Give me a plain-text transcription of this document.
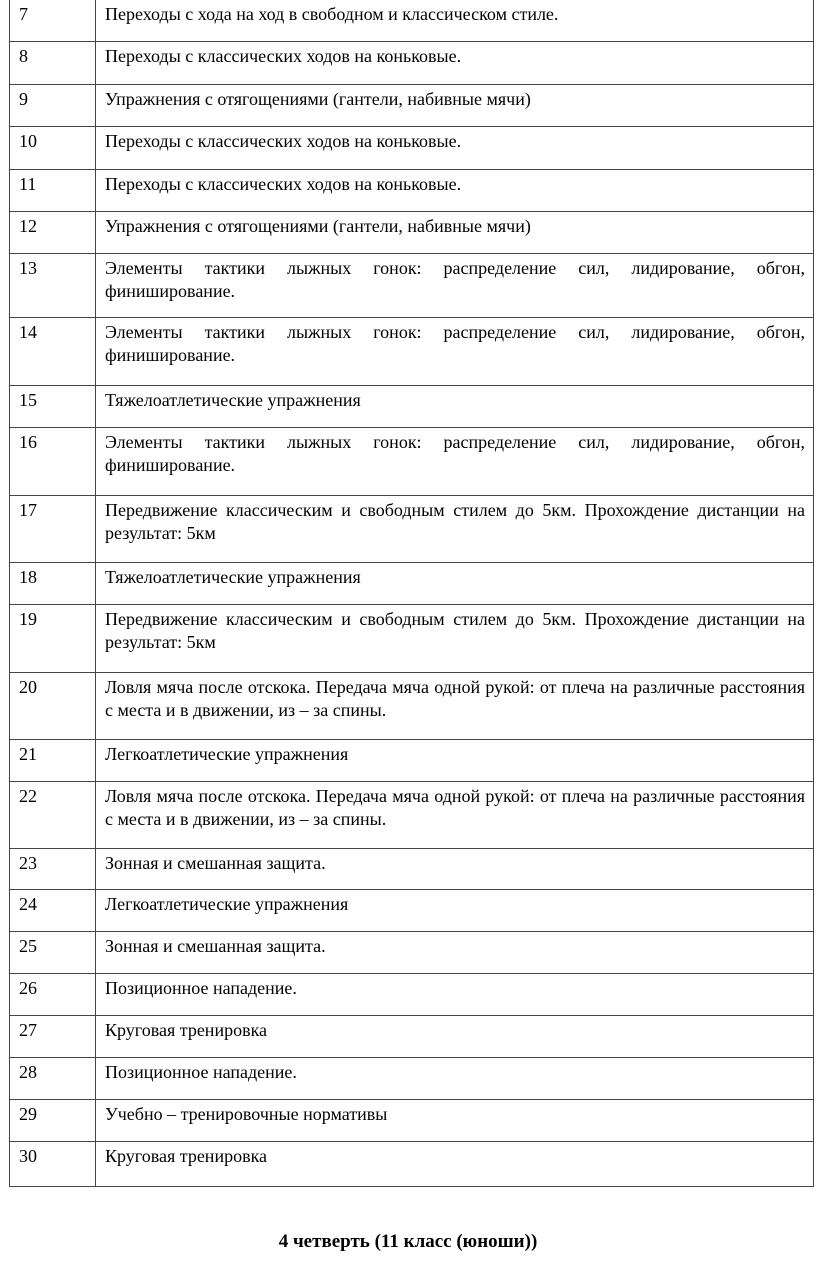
7	Переходы с хода на ход в свободном и классическом стиле.
8	Переходы с классических ходов на коньковые.
9	Упражнения с отягощениями (гантели, набивные мячи)
10	Переходы с классических ходов на коньковые.
11	Переходы с классических ходов на коньковые.
12	Упражнения с отягощениями (гантели, набивные мячи)
13	Элементы тактики лыжных гонок: распределение сил, лидирование, обгон, финиширование.
14	Элементы тактики лыжных гонок: распределение сил, лидирование, обгон, финиширование.
15	Тяжелоатлетические упражнения
16	Элементы тактики лыжных гонок: распределение сил, лидирование, обгон, финиширование.
17	Передвижение классическим и свободным стилем до 5км. Прохождение дистанции на результат: 5км
18	Тяжелоатлетические упражнения
19	Передвижение классическим и свободным стилем до 5км. Прохождение дистанции на результат: 5км
20	Ловля мяча после отскока. Передача мяча одной рукой: от плеча на различные расстояния с места и в движении, из – за спины.
21	Легкоатлетические упражнения
22	Ловля мяча после отскока. Передача мяча одной рукой: от плеча на различные расстояния с места и в движении, из – за спины.
23	Зонная и смешанная защита.
24	Легкоатлетические упражнения
25	Зонная и смешанная защита.
26	Позиционное нападение.
27	Круговая тренировка
28	Позиционное нападение.
29	Учебно – тренировочные нормативы
30	Круговая тренировка
4 четверть (11 класс (юноши))
